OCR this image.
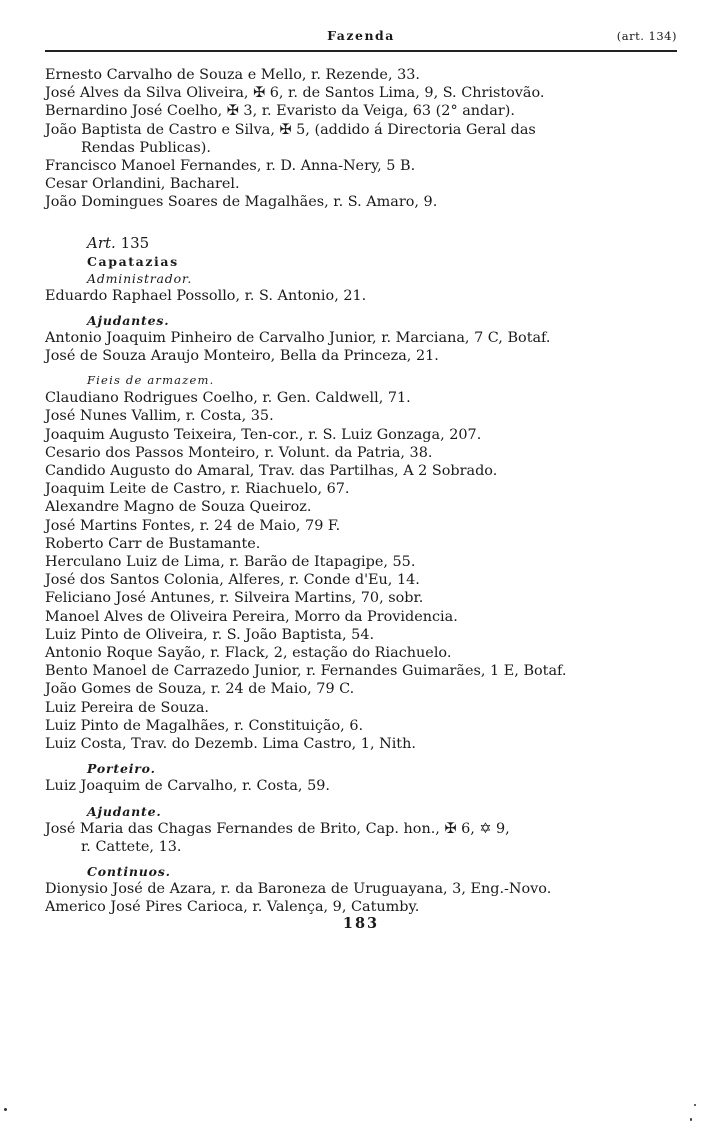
Fazenda	(art. 134)
Ernesto Carvalho de Souza e Mello, r. Rezende, 33.
José Alves da Silva Oliveira, ✠ 6, r. de Santos Lima, 9, S. Christovão.
Bernardino José Coelho, ✠ 3, r. Evaristo da Veiga, 63 (2° andar).
João Baptista de Castro e Silva, ✠ 5, (addido á Directoria Geral das
Rendas Publicas).
Francisco Manoel Fernandes, r. D. Anna-Nery, 5 B.
Cesar Orlandini, Bacharel.
João Domingues Soares de Magalhães, r. S. Amaro, 9.
Art. 135
Capatazias
Administrador.
Eduardo Raphael Possollo, r. S. Antonio, 21.
Ajudantes.
Antonio Joaquim Pinheiro de Carvalho Junior, r. Marciana, 7 C, Botaf.
José de Souza Araujo Monteiro, Bella da Princeza, 21.
Fieis de armazem.
Claudiano Rodrigues Coelho, r. Gen. Caldwell, 71.
José Nunes Vallim, r. Costa, 35.
Joaquim Augusto Teixeira, Ten-cor., r. S. Luiz Gonzaga, 207.
Cesario dos Passos Monteiro, r. Volunt. da Patria, 38.
Candido Augusto do Amaral, Trav. das Partilhas, A 2 Sobrado.
Joaquim Leite de Castro, r. Riachuelo, 67.
Alexandre Magno de Souza Queiroz.
José Martins Fontes, r. 24 de Maio, 79 F.
Roberto Carr de Bustamante.
Herculano Luiz de Lima, r. Barão de Itapagipe, 55.
José dos Santos Colonia, Alferes, r. Conde d'Eu, 14.
Feliciano José Antunes, r. Silveira Martins, 70, sobr.
Manoel Alves de Oliveira Pereira, Morro da Providencia.
Luiz Pinto de Oliveira, r. S. João Baptista, 54.
Antonio Roque Sayão, r. Flack, 2, estação do Riachuelo.
Bento Manoel de Carrazedo Junior, r. Fernandes Guimarães, 1 E, Botaf.
João Gomes de Souza, r. 24 de Maio, 79 C.
Luiz Pereira de Souza.
Luiz Pinto de Magalhães, r. Constituição, 6.
Luiz Costa, Trav. do Dezemb. Lima Castro, 1, Nith.
Porteiro.
Luiz Joaquim de Carvalho, r. Costa, 59.
Ajudante.
José Maria das Chagas Fernandes de Brito, Cap. hon., ✠ 6, ✡ 9,
r. Cattete, 13.
Continuos.
Dionysio José de Azara, r. da Baroneza de Uruguayana, 3, Eng.-Novo.
Americo José Pires Carioca, r. Valença, 9, Catumby.
183
